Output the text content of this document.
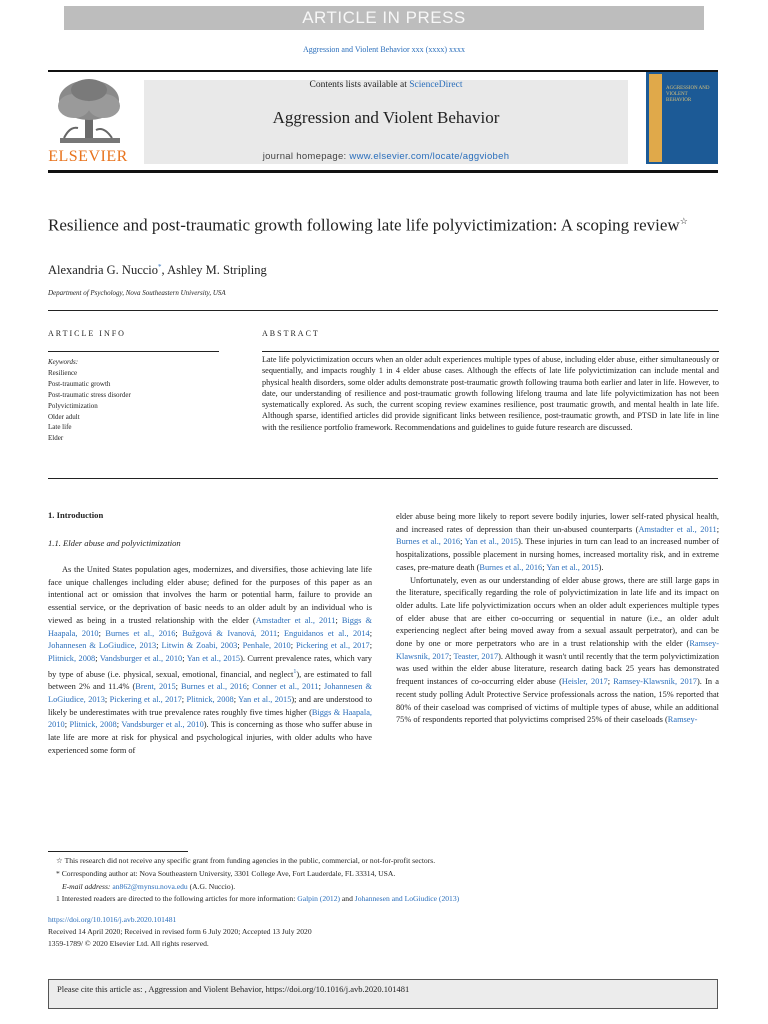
ARTICLE IN PRESS
Aggression and Violent Behavior xxx (xxxx) xxxx
ELSEVIER
Contents lists available at ScienceDirect
Aggression and Violent Behavior
journal homepage: www.elsevier.com/locate/aggviobeh
AGGRESSION AND VIOLENT BEHAVIOR
Resilience and post-traumatic growth following late life polyvictimization: A scoping review☆
Alexandria G. Nuccio*, Ashley M. Stripling
Department of Psychology, Nova Southeastern University, USA
ARTICLE INFO
Keywords:
Resilience
Post-traumatic growth
Post-traumatic stress disorder
Polyvictimization
Older adult
Late life
Elder
ABSTRACT
Late life polyvictimization occurs when an older adult experiences multiple types of abuse, including elder abuse, either simultaneously or sequentially, and impacts roughly 1 in 4 elder abuse cases. Although the effects of late life polyvictimization can include mental and physical health disorders, some older adults demonstrate post-traumatic growth following trauma both earlier and later in life. However, to date, our understanding of resilience and post-traumatic growth following lifelong trauma and late life polyvictimization has not been systematically explored. As such, the current scoping review examines resilience, post traumatic growth, and mental health in late life. Although sparse, identified articles did provide significant links between resilience, post-traumatic growth, and PTSD in late life in line with the resilience portfolio framework. Recommendations and guidelines to guide future research are discussed.
1. Introduction
1.1. Elder abuse and polyvictimization

As the United States population ages, modernizes, and diversifies, those achieving late life face unique challenges including elder abuse; defined for the purposes of this paper as an intentional act or omission that involves the harm or potential harm, failure to provide an essential service, or the deprivation of basic needs to an older adult by an individual who is viewed as being in a trusted relationship with the elder (Amstadter et al., 2011; Biggs & Haapala, 2010; Burnes et al., 2016; Bužgová & Ivanová, 2011; Enguidanos et al., 2014; Johannesen & LoGiudice, 2013; Litwin & Zoabi, 2003; Penhale, 2010; Pickering et al., 2017; Plitnick, 2008; Vandsburger et al., 2010; Yan et al., 2015). Current prevalence rates, which vary by type of abuse (i.e. physical, sexual, emotional, financial, and neglect$^1$), are estimated to fall between 2% and 11.4% (Brent, 2015; Burnes et al., 2016; Conner et al., 2011; Johannesen & LoGiudice, 2013; Pickering et al., 2017; Plitnick, 2008; Yan et al., 2015); and are understood to likely be underestimates with true prevalence rates roughly five times higher (Biggs & Haapala, 2010; Plitnick, 2008; Vandsburger et al., 2010). This is concerning as those who suffer abuse in late life are more at risk for physical and psychological injuries, with older adults who have experienced some form of

elder abuse being more likely to report severe bodily injuries, lower self-rated physical health, and increased rates of depression than their un-abused counterparts (Amstadter et al., 2011; Burnes et al., 2016; Yan et al., 2015). These injuries in turn can lead to an increased number of hospitalizations, possible placement in nursing homes, increased mortality risk, and in extreme cases, pre-mature death (Burnes et al., 2016; Yan et al., 2015).

Unfortunately, even as our understanding of elder abuse grows, there are still large gaps in the literature, specifically regarding the role of polyvictimization in late life and its impact on older adults. Late life polyvictimization occurs when an older adult experiences multiple types of elder abuse that are either co-occurring or sequential in nature (i.e., an older adult experiencing neglect after being moved away from a sexual assault perpetrator), and can be done by one or more perpetrators who are in a trust relationship with the elder (Ramsey-Klawsnik, 2017; Teaster, 2017). Although it wasn't until recently that the term polyvictimization was used within the elder abuse literature, research dating back 25 years has demonstrated frequent instances of co-occurring elder abuse (Heisler, 2017; Ramsey-Klawsnik, 2017). In a recent study polling Adult Protective Service professionals across the nation, 15% reported that 80% of their caseload was comprised of victims of multiple types of abuse, while an additional 75% of respondents reported that polyvictims comprised 25% of their caseloads (Ramsey-

☆ This research did not receive any specific grant from funding agencies in the public, commercial, or not-for-profit sectors.
* Corresponding author at: Nova Southeastern University, 3301 College Ave, Fort Lauderdale, FL 33314, USA.
E-mail address: an862@mynsu.nova.edu (A.G. Nuccio).
1 Interested readers are directed to the following articles for more information: Galpin (2012) and Johannesen and LoGiudice (2013)
https://doi.org/10.1016/j.avb.2020.101481
Received 14 April 2020; Received in revised form 6 July 2020; Accepted 13 July 2020
1359-1789/ © 2020 Elsevier Ltd. All rights reserved.
Please cite this article as: , Aggression and Violent Behavior, https://doi.org/10.1016/j.avb.2020.101481
